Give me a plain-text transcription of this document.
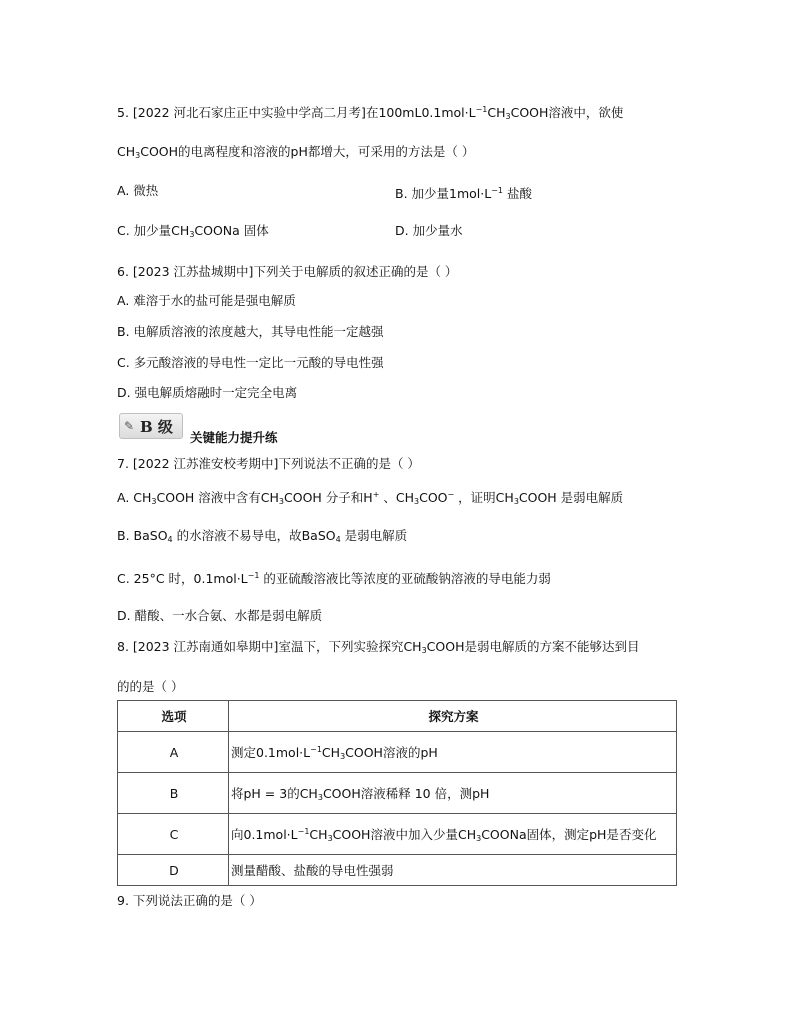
5. [2022 河北石家庄正中实验中学高二月考]在$100mL0.1mol\cdot L^{-1}CH_3COOH$溶液中，欲使
$CH_3COOH$的电离程度和溶液的pH都增大，可采用的方法是（ ）
A. 微热	B. 加少量$1mol\cdot L^{-1}$ 盐酸
C. 加少量$CH_3COONa$ 固体	D. 加少量水
6. [2023 江苏盐城期中]下列关于电解质的叙述正确的是（ ）
A. 难溶于水的盐可能是强电解质
B. 电解质溶液的浓度越大，其导电性能一定越强
C. 多元酸溶液的导电性一定比一元酸的导电性强
D. 强电解质熔融时一定完全电离
✎ B 级
关键能力提升练
7. [2022 江苏淮安校考期中]下列说法不正确的是（ ）
A. $CH_3COOH$ 溶液中含有$CH_3COOH$ 分子和H+ 、$CH_3COO^-$ ，证明$CH_3COOH$ 是弱电解质
B. BaSO$_4$ 的水溶液不易导电，故BaSO$_4$ 是弱电解质
C. 25°C 时，$0.1mol\cdot L^{-1}$ 的亚硫酸溶液比等浓度的亚硫酸钠溶液的导电能力弱
D. 醋酸、一水合氨、水都是弱电解质
8. [2023 江苏南通如皋期中]室温下，下列实验探究$CH_3COOH$是弱电解质的方案不能够达到目
的的是（ ）
选项	探究方案
A	测定$0.1mol\cdot L^{-1}CH_3COOH$溶液的pH
B	将pH = 3的$CH_3COOH$溶液稀释 10 倍，测pH
C	向$0.1mol\cdot L^{-1}CH_3COOH$溶液中加入少量$CH_3COONa$固体，测定pH是否变化
D	测量醋酸、盐酸的导电性强弱
9. 下列说法正确的是（ ）
